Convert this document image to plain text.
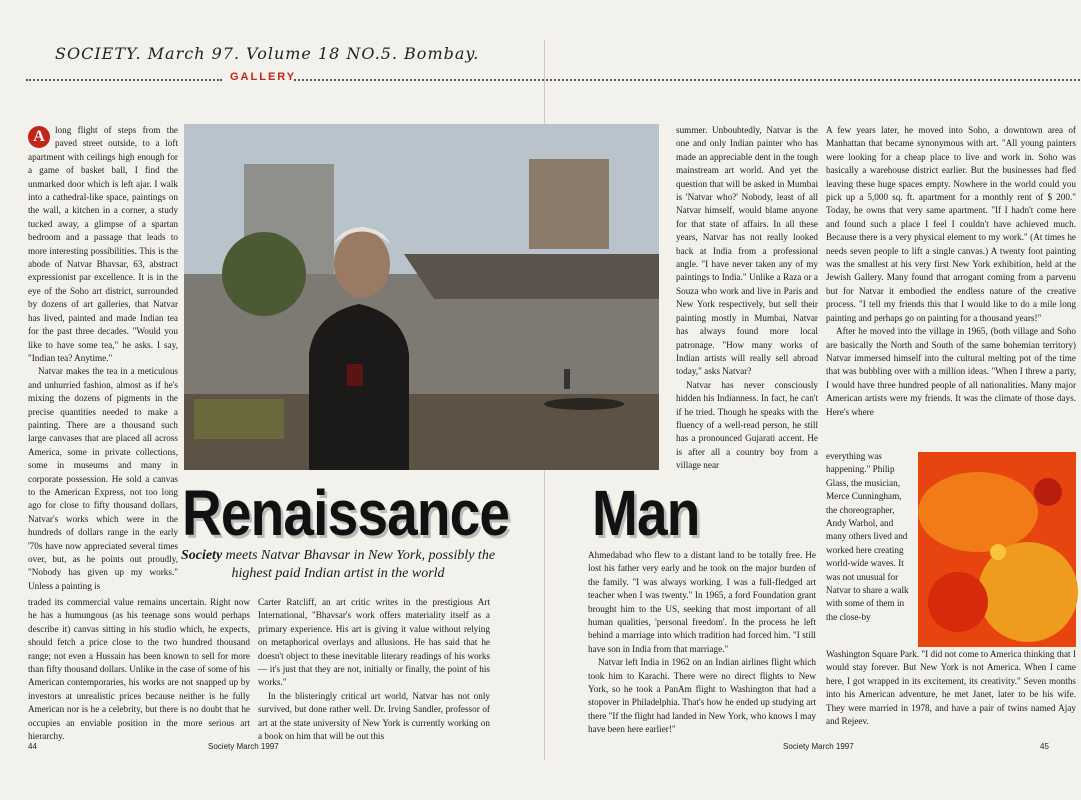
SOCIETY. March 97. Volume 18 NO.5. Bombay.
GALLERY
A	long flight of steps from the paved street outside, to a loft apartment with ceilings high enough for a game of basket ball, I find the unmarked door which is left ajar. I walk into a cathedral-like space, paintings on the wall, a kitchen in a corner, a study tucked away, a glimpse of a spartan bedroom and a passage that leads to more interesting possibilities. This is the abode of Natvar Bhavsar, 63, abstract expressionist par excellence. It is in the eye of the Soho art district, surrounded by dozens of art galleries, that Natvar has lived, painted and made Indian tea for the past three decades. "Would you like to have some tea," he asks. I say, "Indian tea? Anytime."

Natvar makes the tea in a meticulous and unhurried fashion, almost as if he's mixing the dozens of pigments in the precise quantities needed to make a painting. There are a thousand such large canvases that are placed all across America, some in private collections, some in museums and many in corporate possession. He sold a canvas to the American Express, not too long ago for close to fifty thousand dollars, Natvar's works which were in the hundreds of dollars range in the early '70s have now appreciated several times over, but, as he points out proudly, "Nobody has given up my works." Unless a painting is

summer. Unboubtedly, Natvar is the one and only Indian painter who has made an appreciable dent in the tough mainstream art world. And yet the question that will be asked in Mumbai is 'Natvar who?' Nobody, least of all Natvar himself, would blame anyone for that state of affairs. In all these years, Natvar has not really looked back at India from a professional angle. "I have never taken any of my paintings to India." Unlike a Raza or a Souza who work and live in Paris and New York respectively, but sell their painting mostly in Mumbai, Natvar has always found more local patronage. "How many works of Indian artists will really sell abroad today," asks Natvar?

Natvar has never consciously hidden his Indianness. In fact, he can't if he tried. Though he speaks with the fluency of a well-read person, he still has a pronounced Gujarati accent. He is after all a country boy from a village near

A few years later, he moved into Soho, a downtown area of Manhattan that became synonymous with art. "All young painters were looking for a cheap place to live and work in. Soho was basically a warehouse district earlier. But the businesses had fled leaving these huge spaces empty. Nowhere in the world could you pick up a 5,000 sq. ft. apartment for a monthly rent of $ 200." Today, he owns that very same apartment. "If I hadn't come here and found such a place I feel I couldn't have achieved much. Because there is a very physical element to my work." (At times he needs seven people to lift a single canvas.) A twenty foot painting was the smallest at his very first New York exhibition, held at the Jewish Gallery. Many found that arrogant coming from a parvenu but for Natvar it embodied the endless nature of the creative process. "I tell my friends this that I would like to do a mile long painting and perhaps go on painting for a thousand years!"

After he moved into the village in 1965, (both village and Soho are basically the North and South of the same bohemian territory) Natvar immersed himself into the cultural melting pot of the time that was bubbling over with a million ideas. "When I threw a party, I would have three hundred people of all nationalities. Many major American artists were my friends. It was the climate of those days. Here's where

everything was happening." Philip Glass, the musician, Merce Cunningham, the choreographer, Andy Warhol, and many others lived and worked here creating world-wide waves. It was not unusual for Natvar to share a walk with some of them in the close-by

Renaissance Man
Society meets Natvar Bhavsar in New York, possibly the highest paid Indian artist in the world

traded its commercial value remains uncertain. Right now he has a humungous (as his teenage sons would perhaps describe it) canvas sitting in his studio which, he expects, should fetch a price close to the two hundred thousand range; not even a Hussain has been known to sell for more than fifty thousand dollars. Unlike in the case of some of his American contemporaries, his works are not snapped up by investors at unrealistic prices because neither is he fully American nor is he a celebrity, but there is no doubt that he occupies an enviable position in the more serious art hierarchy.

Carter Ratcliff, an art critic writes in the prestigious Art International, "Bhavsar's work offers materiality itself as a primary experience. His art is giving it value without relying on metaphorical overlays and allusions. He has said that he doesn't object to these inevitable literary readings of his works — it's just that they are not, initially or finally, the point of his works."

In the blisteringly critical art world, Natvar has not only survived, but done rather well. Dr. Irving Sandler, professor of art at the state university of New York is currently working on a book on him that will be out this

Ahmedabad who flew to a distant land to be totally free. He lost his father very early and he took on the major burden of the family. "I was always working. I was a full-fledged art teacher when I was twenty." In 1965, a ford Foundation grant brought him to the US, seeking that most important of all human qualities, 'personal freedom'. In the process he left behind a marriage into which tradition had forced him. "I still have son in India from that marriage."

Natvar left India in 1962 on an Indian airlines flight which took him to Karachi. There were no direct flights to New York, so he took a PanAm flight to Washington that had a stopover in Philadelphia. That's how he ended up studying art there "If the flight had landed in New York, who knows I may have been here earlier!"

Washington Square Park. "I did not come to America thinking that I would stay forever. But New York is not America. When I came here, I got wrapped in its excitement, its creativity." Seven months into his American adventure, he met Janet, later to be his wife. They were married in 1978, and have a pair of twins named Ajay and Rejeev.

44	Society March 1997	Society March 1997	45
